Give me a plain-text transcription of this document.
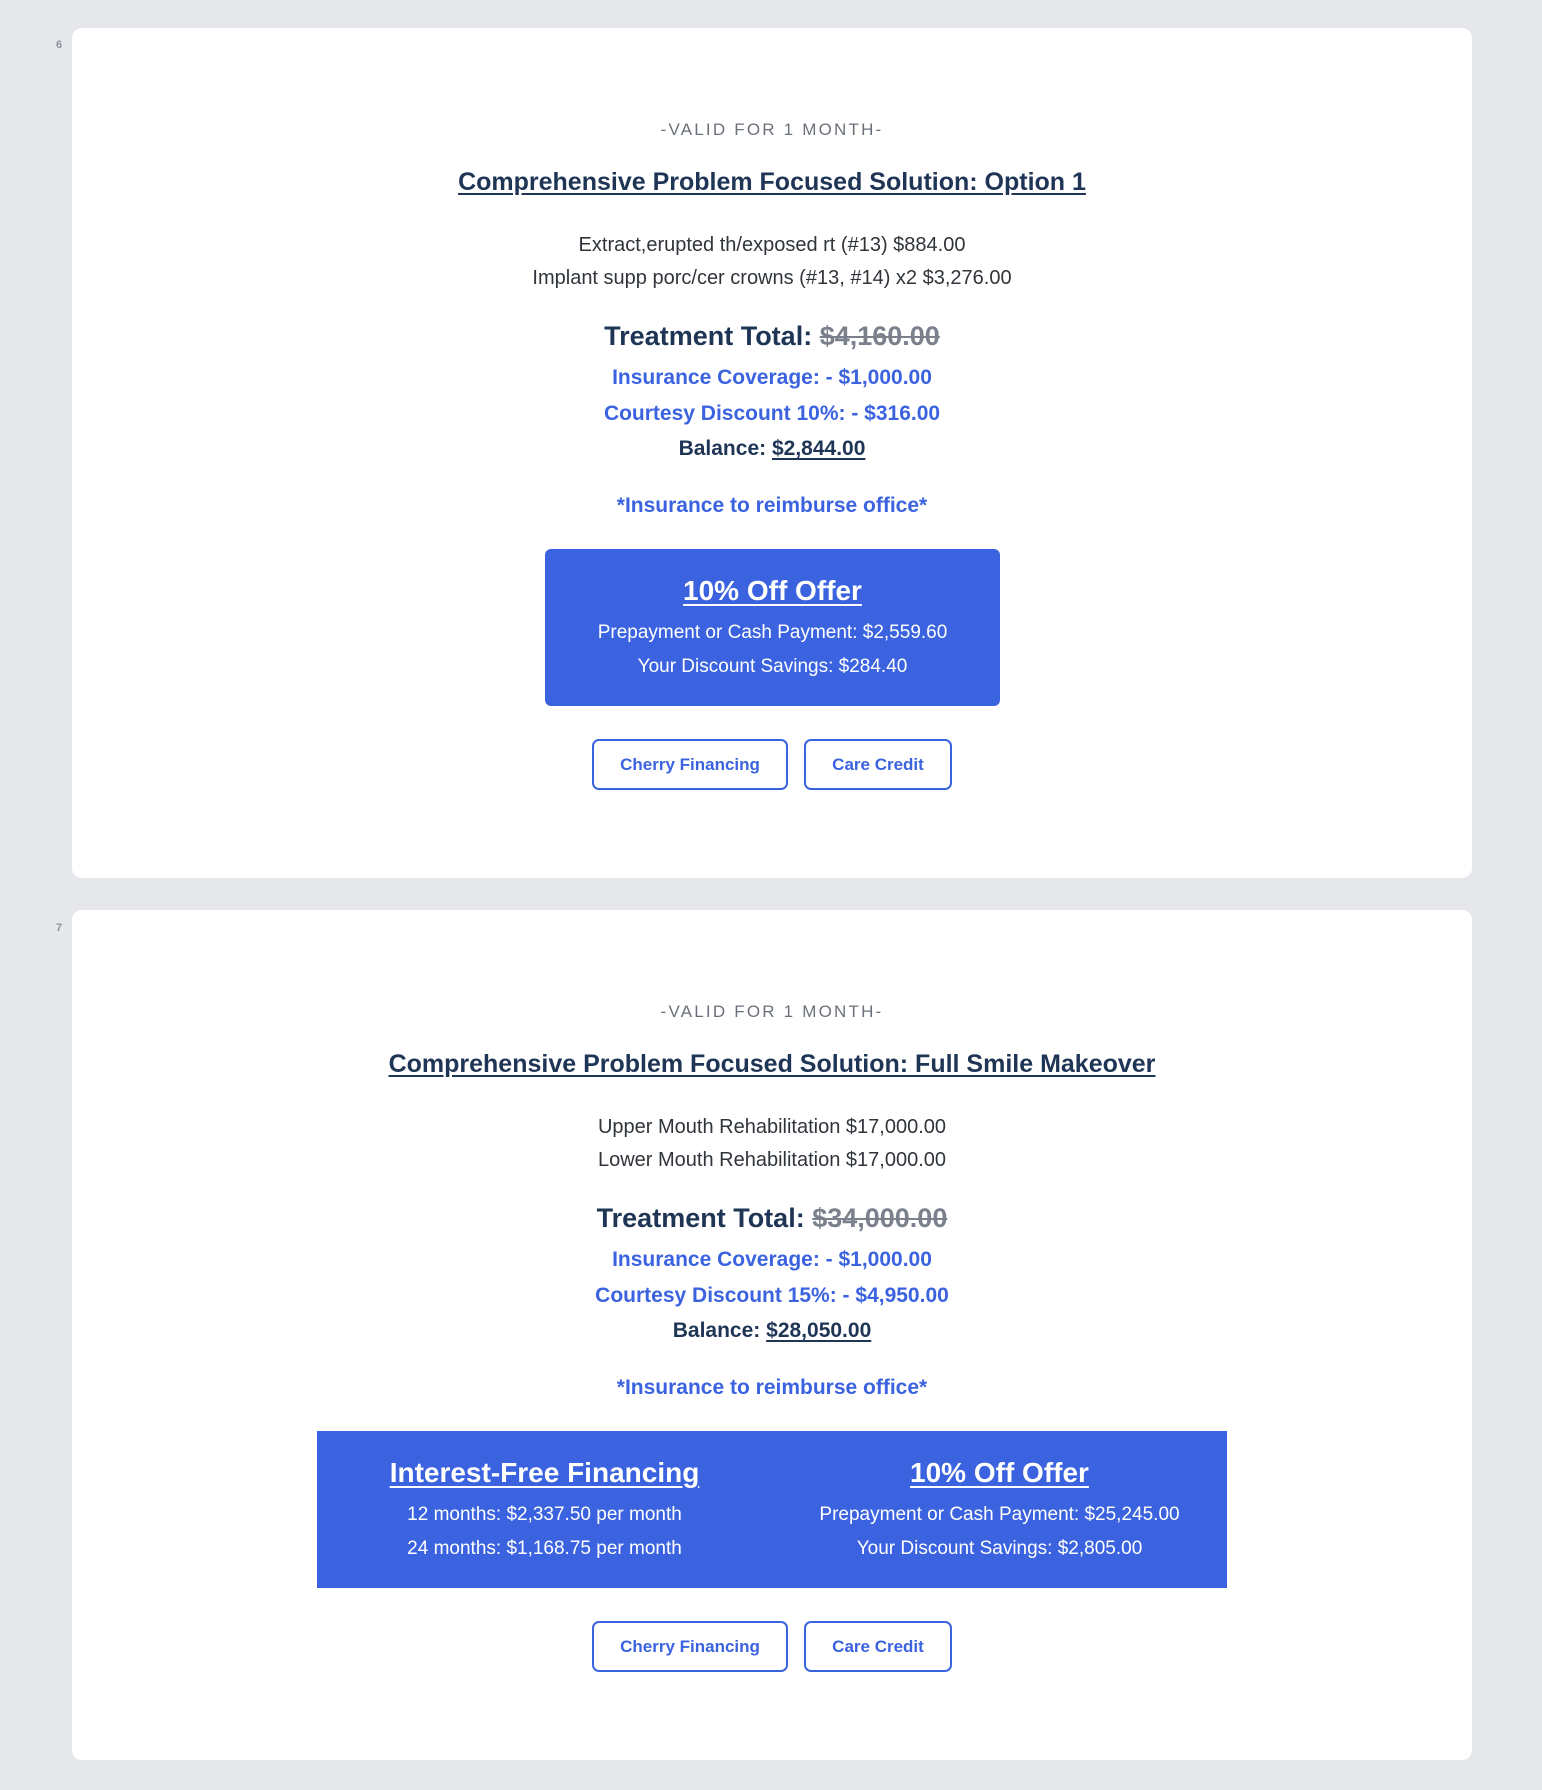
6
-VALID FOR 1 MONTH-
Comprehensive Problem Focused Solution: Option 1
Extract,erupted th/exposed rt (#13) $884.00
Implant supp porc/cer crowns (#13, #14) x2 $3,276.00
Treatment Total: $4,160.00
Insurance Coverage: - $1,000.00
Courtesy Discount 10%: - $316.00
Balance: $2,844.00
*Insurance to reimburse office*
10% Off Offer
Prepayment or Cash Payment: $2,559.60
Your Discount Savings: $284.40
Cherry Financing	Care Credit
7
-VALID FOR 1 MONTH-
Comprehensive Problem Focused Solution: Full Smile Makeover
Upper Mouth Rehabilitation $17,000.00
Lower Mouth Rehabilitation $17,000.00
Treatment Total: $34,000.00
Insurance Coverage: - $1,000.00
Courtesy Discount 15%: - $4,950.00
Balance: $28,050.00
*Insurance to reimburse office*
Interest-Free Financing
12 months: $2,337.50 per month
24 months: $1,168.75 per month
10% Off Offer
Prepayment or Cash Payment: $25,245.00
Your Discount Savings: $2,805.00
Cherry Financing	Care Credit
